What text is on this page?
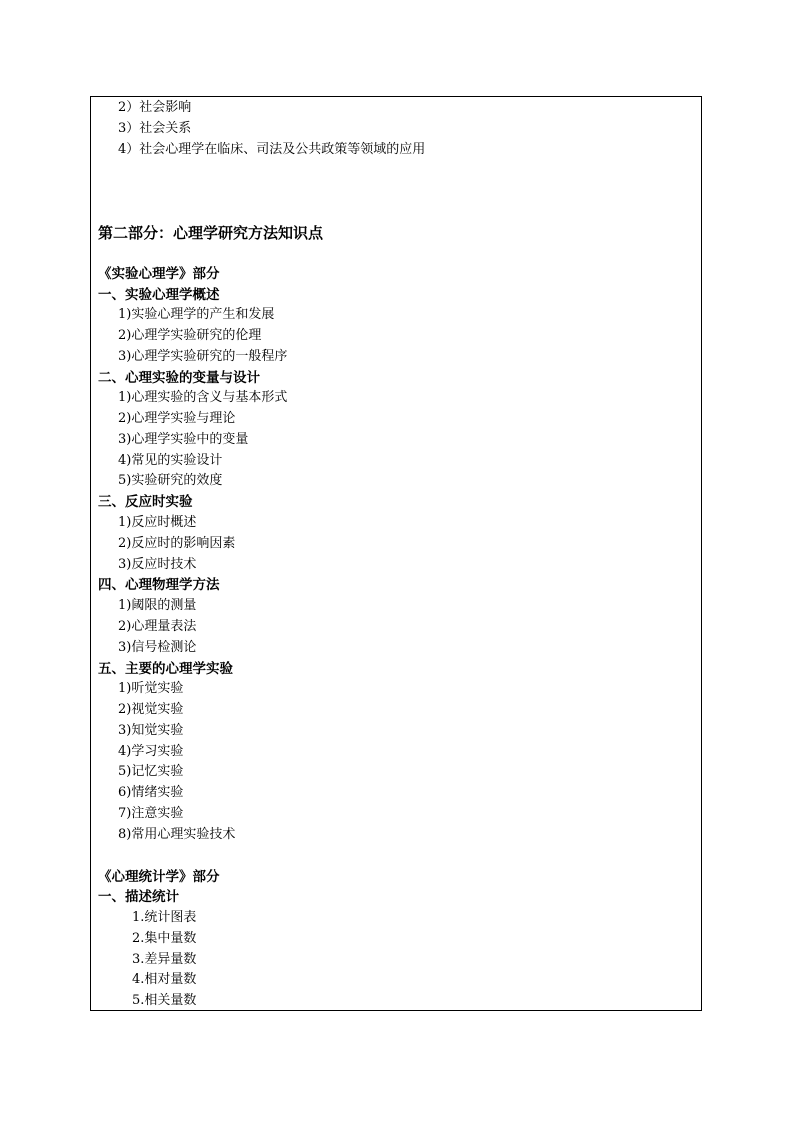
2）社会影响
3）社会关系
4）社会心理学在临床、司法及公共政策等领域的应用
第二部分：心理学研究方法知识点
《实验心理学》部分
一、实验心理学概述
1)实验心理学的产生和发展
2)心理学实验研究的伦理
3)心理学实验研究的一般程序
二、心理实验的变量与设计
1)心理实验的含义与基本形式
2)心理学实验与理论
3)心理学实验中的变量
4)常见的实验设计
5)实验研究的效度
三、反应时实验
1)反应时概述
2)反应时的影响因素
3)反应时技术
四、心理物理学方法
1)阈限的测量
2)心理量表法
3)信号检测论
五、主要的心理学实验
1)听觉实验
2)视觉实验
3)知觉实验
4)学习实验
5)记忆实验
6)情绪实验
7)注意实验
8)常用心理实验技术
《心理统计学》部分
一、描述统计
1.统计图表
2.集中量数
3.差异量数
4.相对量数
5.相关量数
